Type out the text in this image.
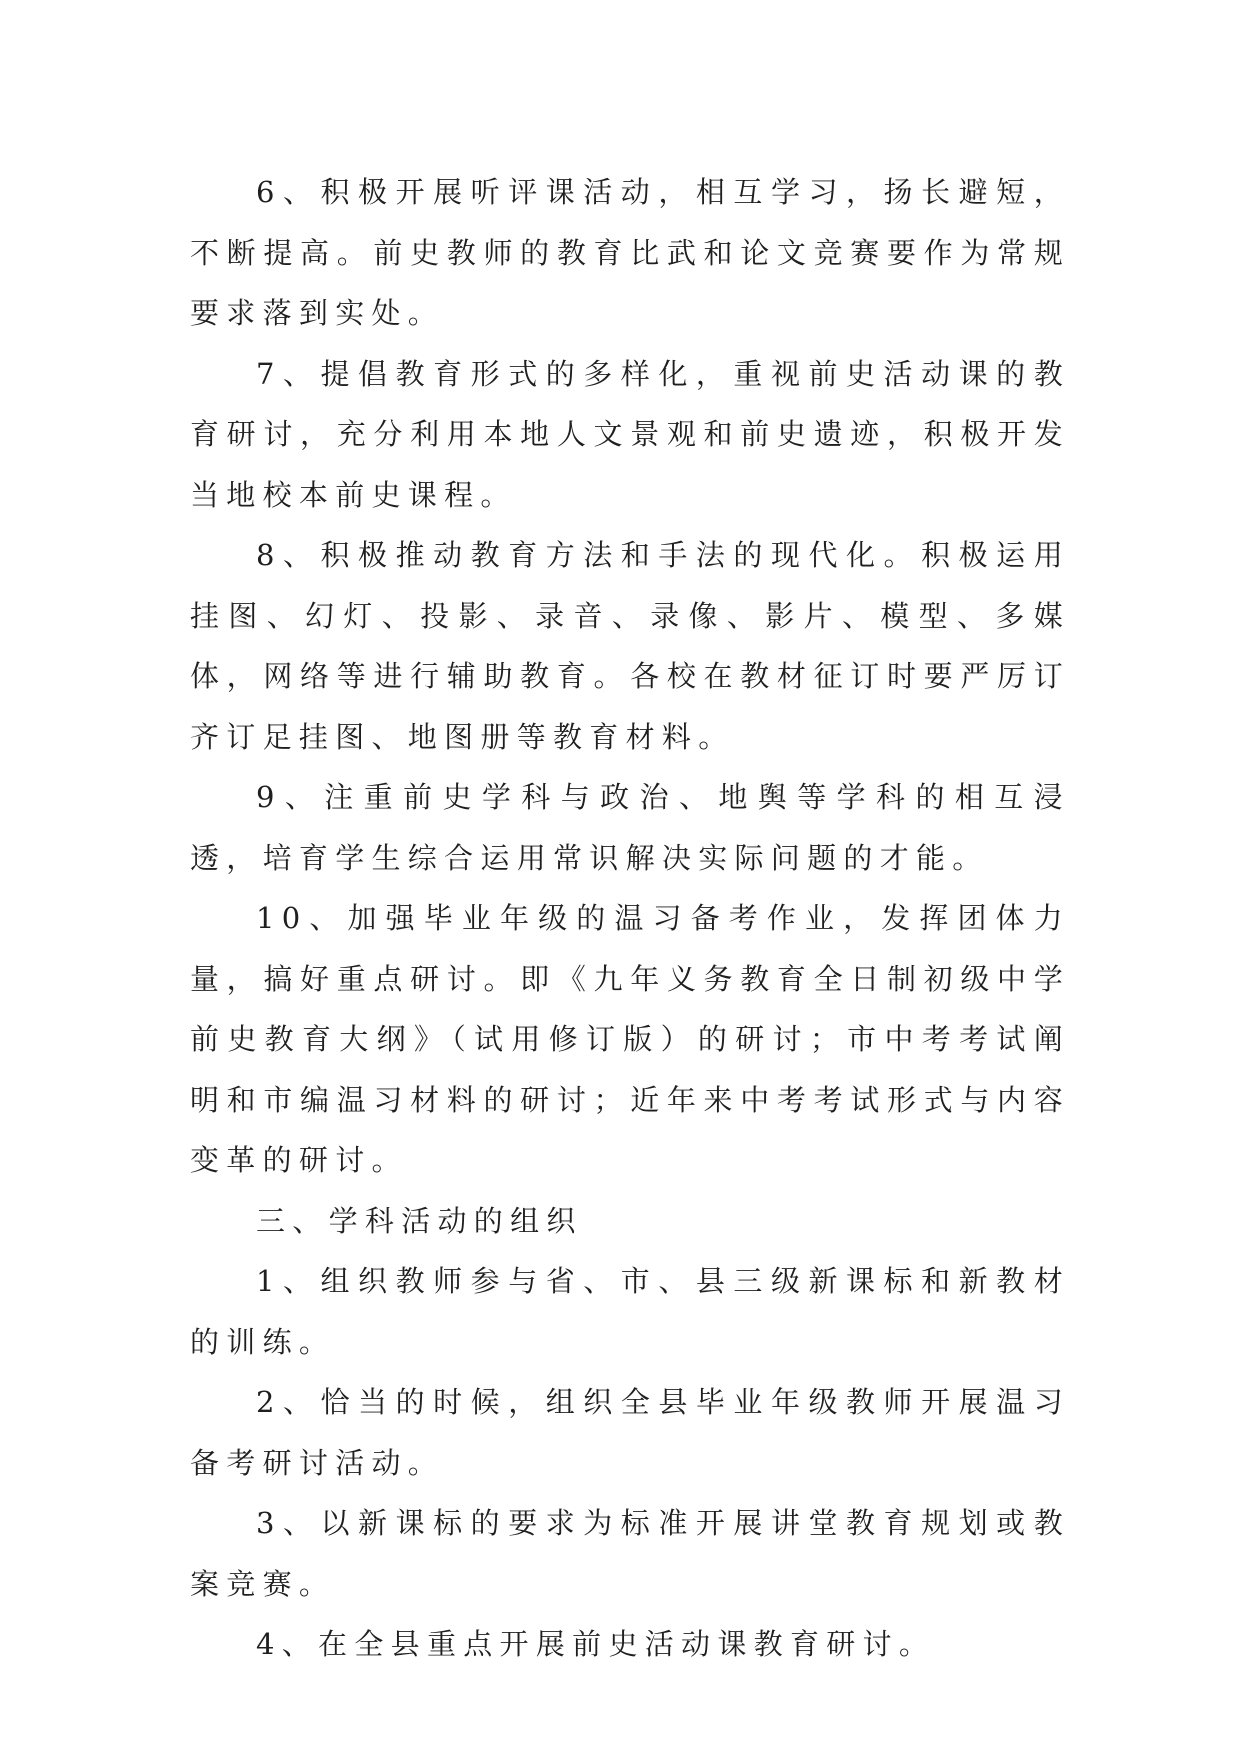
6、积极开展听评课活动，相互学习，扬长避短，不断提高。前史教师的教育比武和论文竞赛要作为常规要求落到实处。

7、提倡教育形式的多样化，重视前史活动课的教育研讨，充分利用本地人文景观和前史遗迹，积极开发当地校本前史课程。

8、积极推动教育方法和手法的现代化。积极运用挂图、幻灯、投影、录音、录像、影片、模型、多媒体，网络等进行辅助教育。各校在教材征订时要严厉订齐订足挂图、地图册等教育材料。

9、注重前史学科与政治、地舆等学科的相互浸透，培育学生综合运用常识解决实际问题的才能。

10、加强毕业年级的温习备考作业，发挥团体力量，搞好重点研讨。即《九年义务教育全日制初级中学前史教育大纲》（试用修订版）的研讨；市中考考试阐明和市编温习材料的研讨；近年来中考考试形式与内容变革的研讨。

三、学科活动的组织

1、组织教师参与省、市、县三级新课标和新教材的训练。

2、恰当的时候，组织全县毕业年级教师开展温习备考研讨活动。

3、以新课标的要求为标准开展讲堂教育规划或教案竞赛。

4、在全县重点开展前史活动课教育研讨。
